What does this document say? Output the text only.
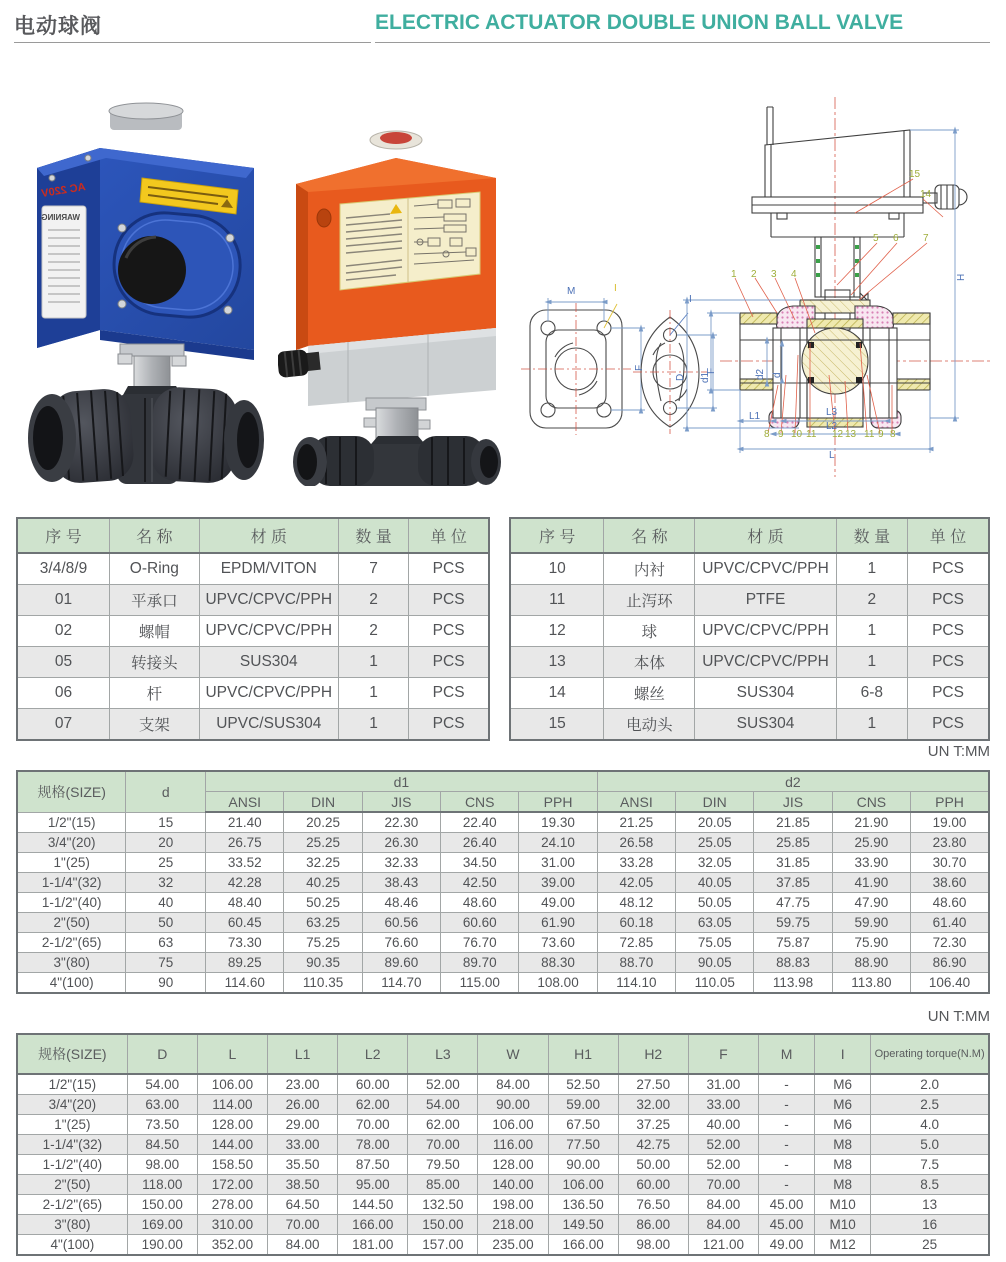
电动球阀	ELECTRIC ACTUATOR DOUBLE UNION BALL VALVE
AC 220V
WARNING
M	I
F
I
F
H
15
14
5 6 7
1 2 3 4
D d1	d2 d
L1	L3
L2
L
8 9 10 11 12 13 11 9 8
序 号	名 称	材 质	数 量	单 位
3/4/8/9	O-Ring	EPDM/VITON	7	PCS
01	平承口	UPVC/CPVC/PPH	2	PCS
02	螺帽	UPVC/CPVC/PPH	2	PCS
05	转接头	SUS304	1	PCS
06	杆	UPVC/CPVC/PPH	1	PCS
07	支架	UPVC/SUS304	1	PCS
序 号	名 称	材 质	数 量	单 位
10	内衬	UPVC/CPVC/PPH	1	PCS
11	止泻环	PTFE	2	PCS
12	球	UPVC/CPVC/PPH	1	PCS
13	本体	UPVC/CPVC/PPH	1	PCS
14	螺丝	SUS304	6-8	PCS
15	电动头	SUS304	1	PCS
UN T:MM
UN T:MM
规格(SIZE)	d	d1					d2				
		ANSI	DIN	JIS	CNS	PPH	ANSI	DIN	JIS	CNS	PPH
1/2"(15)	15	21.40	20.25	22.30	22.40	19.30	21.25	20.05	21.85	21.90	19.00
3/4"(20)	20	26.75	25.25	26.30	26.40	24.10	26.58	25.05	25.85	25.90	23.80
1"(25)	25	33.52	32.25	32.33	34.50	31.00	33.28	32.05	31.85	33.90	30.70
1-1/4"(32)	32	42.28	40.25	38.43	42.50	39.00	42.05	40.05	37.85	41.90	38.60
1-1/2"(40)	40	48.40	50.25	48.46	48.60	49.00	48.12	50.05	47.75	47.90	48.60
2"(50)	50	60.45	63.25	60.56	60.60	61.90	60.18	63.05	59.75	59.90	61.40
2-1/2"(65)	63	73.30	75.25	76.60	76.70	73.60	72.85	75.05	75.87	75.90	72.30
3"(80)	75	89.25	90.35	89.60	89.70	88.30	88.70	90.05	88.83	88.90	86.90
4"(100)	90	114.60	110.35	114.70	115.00	108.00	114.10	110.05	113.98	113.80	106.40
规格(SIZE)	D	L	L1	L2	L3	W	H1	H2	F	M	I	Operating torque(N.M)
1/2"(15)	54.00	106.00	23.00	60.00	52.00	84.00	52.50	27.50	31.00	-	M6	2.0
3/4"(20)	63.00	114.00	26.00	62.00	54.00	90.00	59.00	32.00	33.00	-	M6	2.5
1"(25)	73.50	128.00	29.00	70.00	62.00	106.00	67.50	37.25	40.00	-	M6	4.0
1-1/4"(32)	84.50	144.00	33.00	78.00	70.00	116.00	77.50	42.75	52.00	-	M8	5.0
1-1/2"(40)	98.00	158.50	35.50	87.50	79.50	128.00	90.00	50.00	52.00	-	M8	7.5
2"(50)	118.00	172.00	38.50	95.00	85.00	140.00	106.00	60.00	70.00	-	M8	8.5
2-1/2"(65)	150.00	278.00	64.50	144.50	132.50	198.00	136.50	76.50	84.00	45.00	M10	13
3"(80)	169.00	310.00	70.00	166.00	150.00	218.00	149.50	86.00	84.00	45.00	M10	16
4"(100)	190.00	352.00	84.00	181.00	157.00	235.00	166.00	98.00	121.00	49.00	M12	25
